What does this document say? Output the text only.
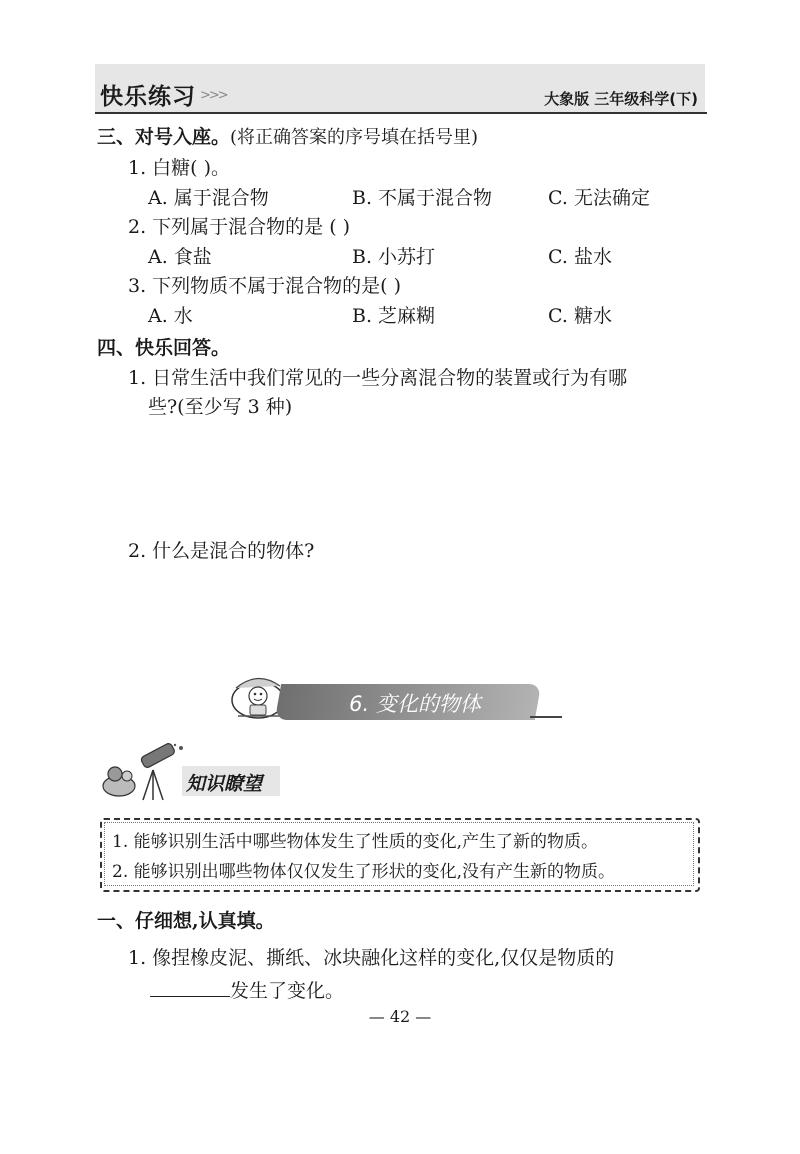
快乐练习 >>>	大象版 三年级科学(下)
三、对号入座。(将正确答案的序号填在括号里)
1. 白糖( )。
A. 属于混合物	B. 不属于混合物	C. 无法确定
2. 下列属于混合物的是 ( )
A. 食盐	B. 小苏打	C. 盐水
3. 下列物质不属于混合物的是( )
A. 水	B. 芝麻糊	C. 糖水
四、快乐回答。
1. 日常生活中我们常见的一些分离混合物的装置或行为有哪
些?(至少写 3 种)
2. 什么是混合的物体?
6. 变化的物体
知识瞭望
1. 能够识别生活中哪些物体发生了性质的变化,产生了新的物质。
2. 能够识别出哪些物体仅仅发生了形状的变化,没有产生新的物质。
一、仔细想,认真填。
1. 像捏橡皮泥、撕纸、冰块融化这样的变化,仅仅是物质的
发生了变化。
— 42 —
